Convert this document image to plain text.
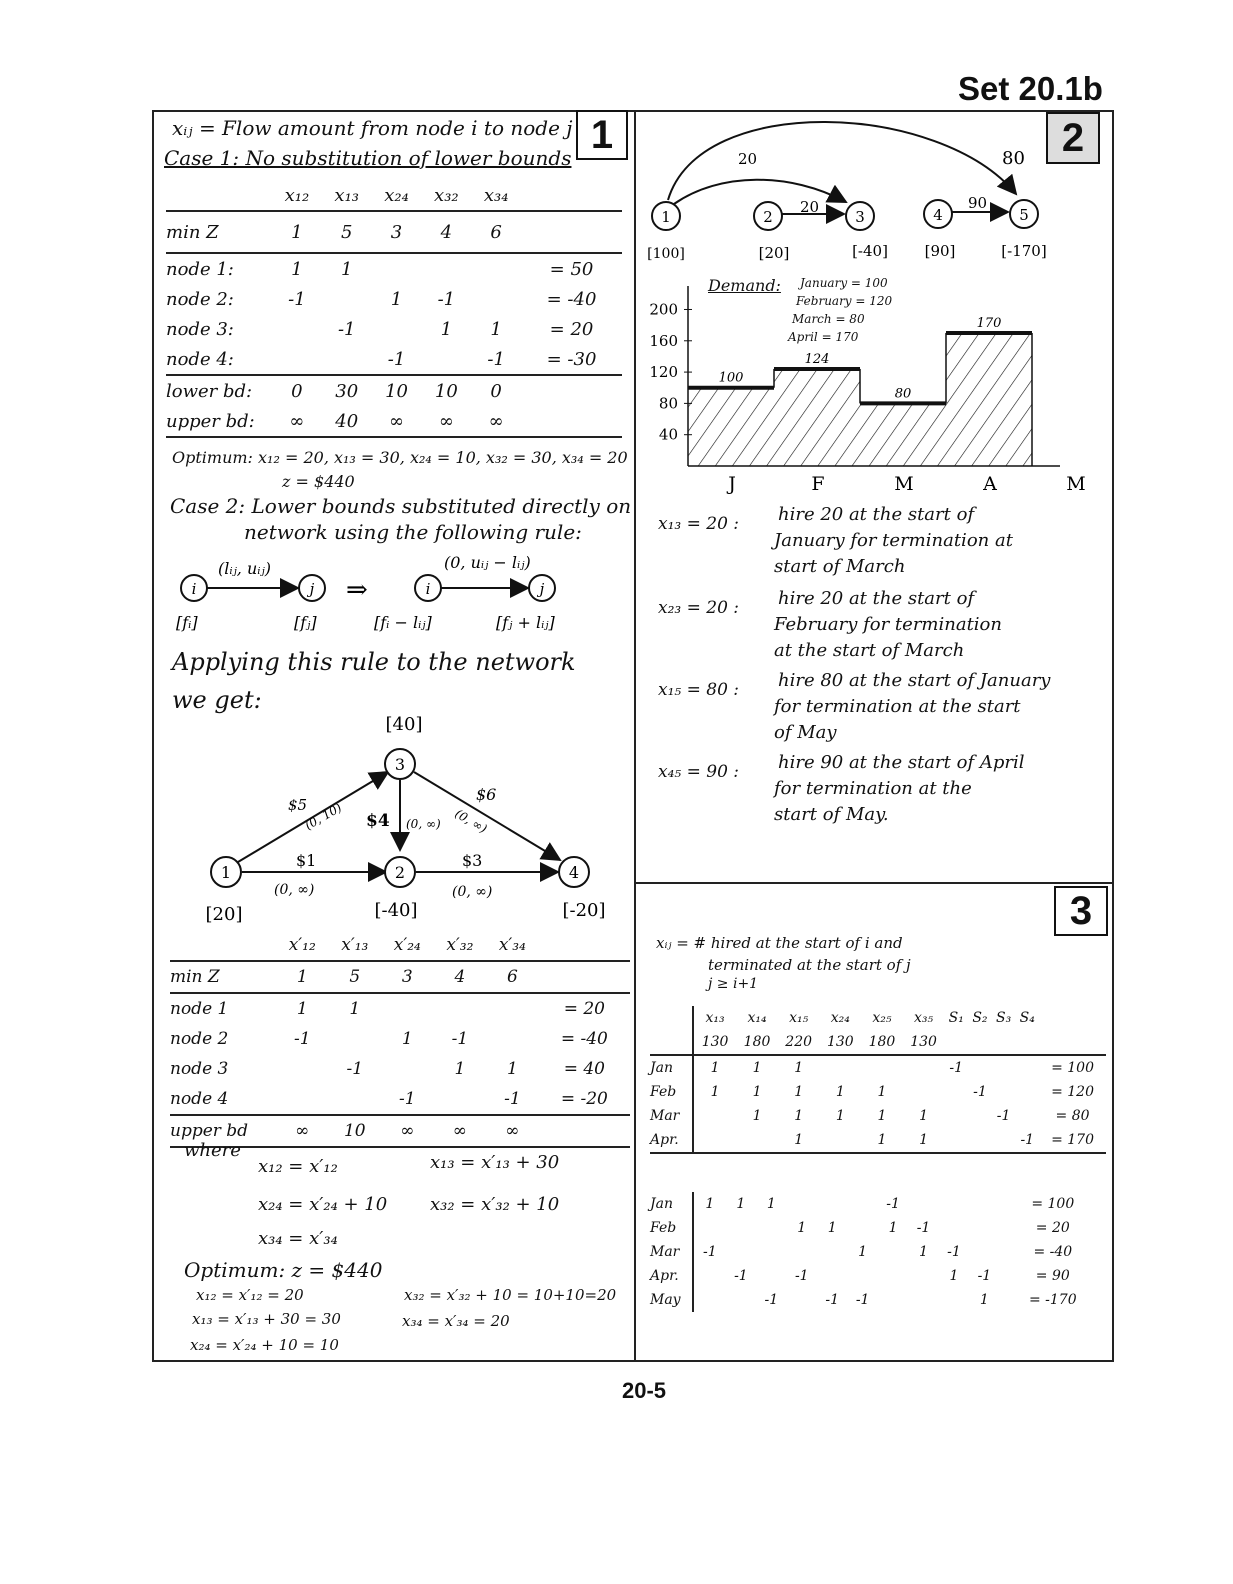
Set 20.1b
20-5
1	2
3
xᵢⱼ = Flow amount from node i to node j
Case 1: No substitution of lower bounds
	x₁₂	x₁₃	x₂₄	x₃₂	x₃₄	
min Z	1	5	3	4	6	
node 1:	1	1				= 50
node 2:	-1		1	-1		= -40
node 3:		-1		1	1	= 20
node 4:			-1		-1	= -30
lower bd:	0	30	10	10	0	
upper bd:	∞	40	∞	∞	∞	
Optimum: x₁₂ = 20, x₁₃ = 30, x₂₄ = 10, x₃₂ = 30, x₃₄ = 20
z = $440
Case 2: Lower bounds substituted directly on
network using the following rule:
i	j	i	j
(lᵢⱼ, uᵢⱼ)	(0, uᵢⱼ − lᵢⱼ)
⇒
[fᵢ]	[fⱼ]	[fᵢ − lᵢⱼ]	[fⱼ + lᵢⱼ]
Applying this rule to the network
we get:
1
3
2	4
[40]
[20]	[-40]	[-20]
$5
(0, 10) $4 (0, ∞)
$6
(0, ∞)
$1
(0, ∞)
$3
(0, ∞)
	x′₁₂	x′₁₃	x′₂₄	x′₃₂	x′₃₄	
min Z	1	5	3	4	6	
node 1	1	1				= 20
node 2	-1		1	-1		= -40
node 3		-1		1	1	= 40
node 4			-1		-1	= -20
upper bd	∞	10	∞	∞	∞	
where
x₁₂ = x′₁₂	x₁₃ = x′₁₃ + 30
x₂₄ = x′₂₄ + 10 x₃₂ = x′₃₂ + 10
x₃₄ = x′₃₄
Optimum: z = $440
x₁₂ = x′₁₂ = 20
x₁₃ = x′₁₃ + 30 = 30
x₂₄ = x′₂₄ + 10 = 10
x₃₂ = x′₃₂ + 10 = 10+10=20
x₃₄ = x′₃₄ = 20
1	2	3	4	5
20
20
80
90
[100]	[20]	[-40] [90]	[-170]
Demand: January = 100
February = 120
March = 80
April = 170
40
80
120
160
200
100
124
80
170
J	F	M	A	M
x₁₃ = 20 : hire 20 at the start of
January for termination at
start of March
x₂₃ = 20 : hire 20 at the start of
February for termination
at the start of March
x₁₅ = 80 : hire 80 at the start of January
for termination at the start
of May
x₄₅ = 90 : hire 90 at the start of April
for termination at the
start of May.
xᵢⱼ = # hired at the start of i and
terminated at the start of j
j ≥ i+1
	x₁₃	x₁₄	x₁₅	x₂₄	x₂₅	x₃₅	S₁	S₂	S₃	S₄	
	130	180	220	130	180	130					
Jan	1	1	1				-1				= 100
Feb	1	1	1	1	1			-1			= 120
Mar		1	1	1	1	1			-1		= 80
Apr.			1		1	1				-1	= 170
Jan	1	1	1				-1				= 100
Feb				1	1		1	-1			= 20
Mar	-1					1		1	-1		= -40
Apr.		-1		-1					1	-1	= 90
May			-1		-1	-1				1	= -170
